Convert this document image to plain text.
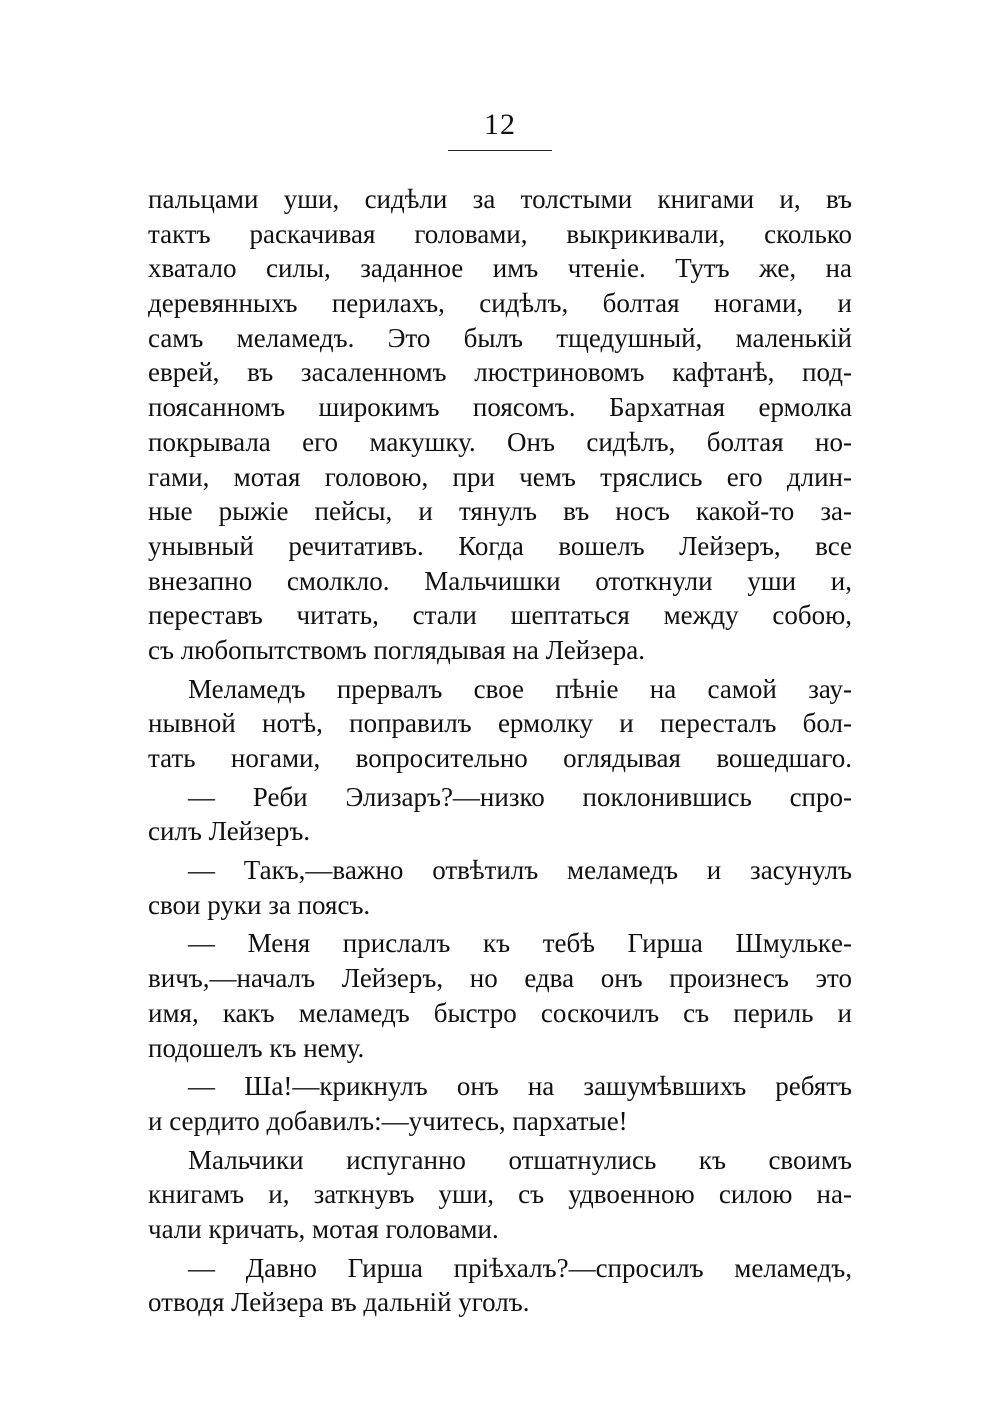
12
пальцами уши, сидѣли за толстыми книгами и, въ
тактъ раскачивая головами, выкрикивали, сколько
хватало силы, заданное имъ чтеніе. Тутъ же, на
деревянныхъ перилахъ, сидѣлъ, болтая ногами, и
самъ меламедъ. Это былъ тщедушный, маленькій
еврей, въ засаленномъ люстриновомъ кафтанѣ, под-
поясанномъ широкимъ поясомъ. Бархатная ермолка
покрывала его макушку. Онъ сидѣлъ, болтая но-
гами, мотая головою, при чемъ тряслись его длин-
ные рыжіе пейсы, и тянулъ въ носъ какой-то за-
унывный речитативъ. Когда вошелъ Лейзеръ, все
внезапно смолкло. Мальчишки ототкнули уши и,
переставъ читать, стали шептаться между собою,
съ любопытствомъ поглядывая на Лейзера.
Меламедъ прервалъ свое пѣніе на самой зау-
нывной нотѣ, поправилъ ермолку и пересталъ бол-
тать ногами, вопросительно оглядывая вошедшаго.
— Реби Элизаръ?—низко поклонившись спро-
силъ Лейзеръ.
— Такъ,—важно отвѣтилъ меламедъ и засунулъ
свои руки за поясъ.
— Меня прислалъ къ тебѣ Гирша Шмулькe-
вичъ,—началъ Лейзеръ, но едва онъ произнесъ это
имя, какъ меламедъ быстро соскочилъ съ периль и
подошелъ къ нему.
— Ша!—крикнулъ онъ на зашумѣвшихъ ребятъ
и сердито добавилъ:—учитесь, пархатые!
Мальчики испуганно отшатнулись къ своимъ
книгамъ и, заткнувъ уши, съ удвоенною силою на-
чали кричать, мотая головами.
— Давно Гирша пріѣхалъ?—спросилъ меламедъ,
отводя Лейзера въ дальній уголъ.
